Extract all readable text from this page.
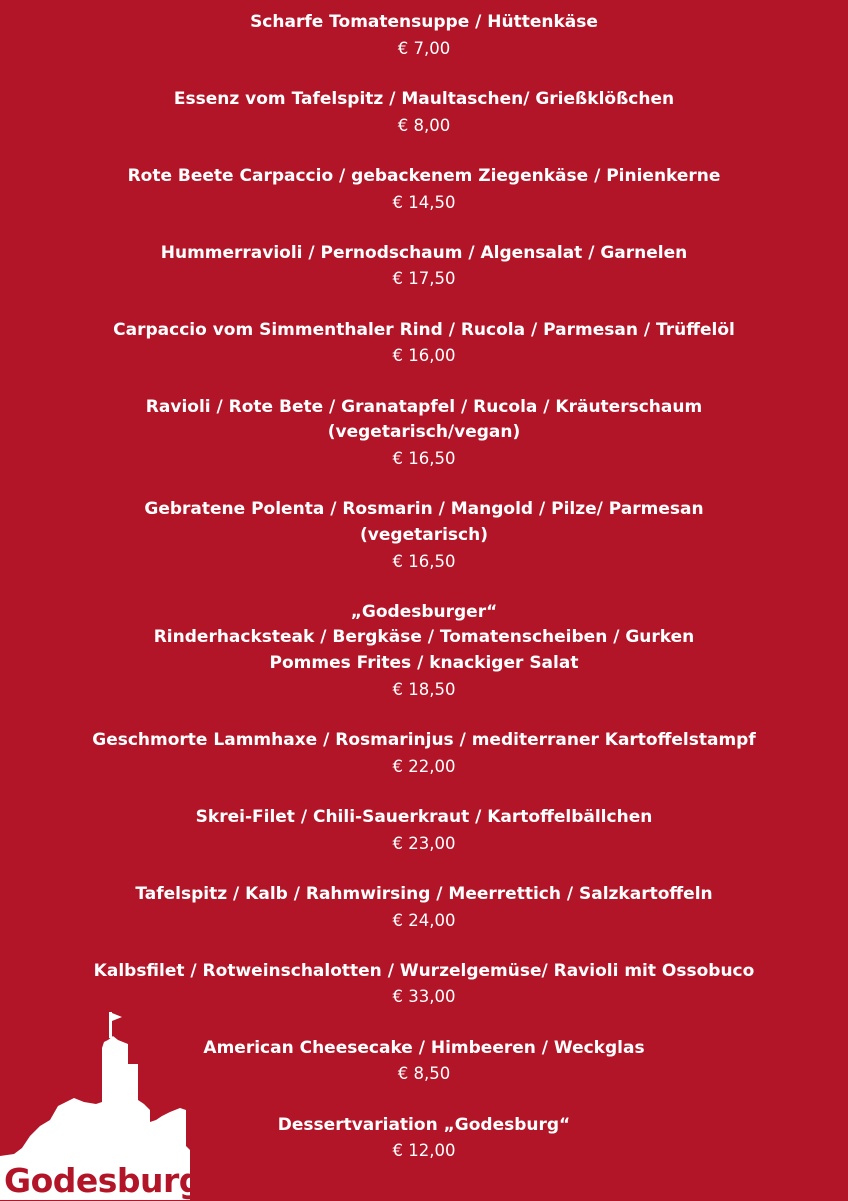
Scharfe Tomatensuppe / Hüttenkäse
€ 7,00
Essenz vom Tafelspitz / Maultaschen/ Grießklößchen
€ 8,00
Rote Beete Carpaccio / gebackenem Ziegenkäse / Pinienkerne
€ 14,50
Hummerravioli / Pernodschaum / Algensalat / Garnelen
€ 17,50
Carpaccio vom Simmenthaler Rind / Rucola / Parmesan / Trüffelöl
€ 16,00
Ravioli / Rote Bete / Granatapfel / Rucola / Kräuterschaum
(vegetarisch/vegan)
€ 16,50
Gebratene Polenta / Rosmarin / Mangold / Pilze/ Parmesan
(vegetarisch)
€ 16,50
„Godesburger“
Rinderhacksteak / Bergkäse / Tomatenscheiben / Gurken
Pommes Frites / knackiger Salat
€ 18,50
Geschmorte Lammhaxe / Rosmarinjus / mediterraner Kartoffelstampf
€ 22,00
Skrei-Filet / Chili-Sauerkraut / Kartoffelbällchen
€ 23,00
Tafelspitz / Kalb / Rahmwirsing / Meerrettich / Salzkartoffeln
€ 24,00
Kalbsfilet / Rotweinschalotten / Wurzelgemüse/ Ravioli mit Ossobuco
€ 33,00
American Cheesecake / Himbeeren / Weckglas
€ 8,50
Dessertvariation „Godesburg“
€ 12,00
Godesburg
